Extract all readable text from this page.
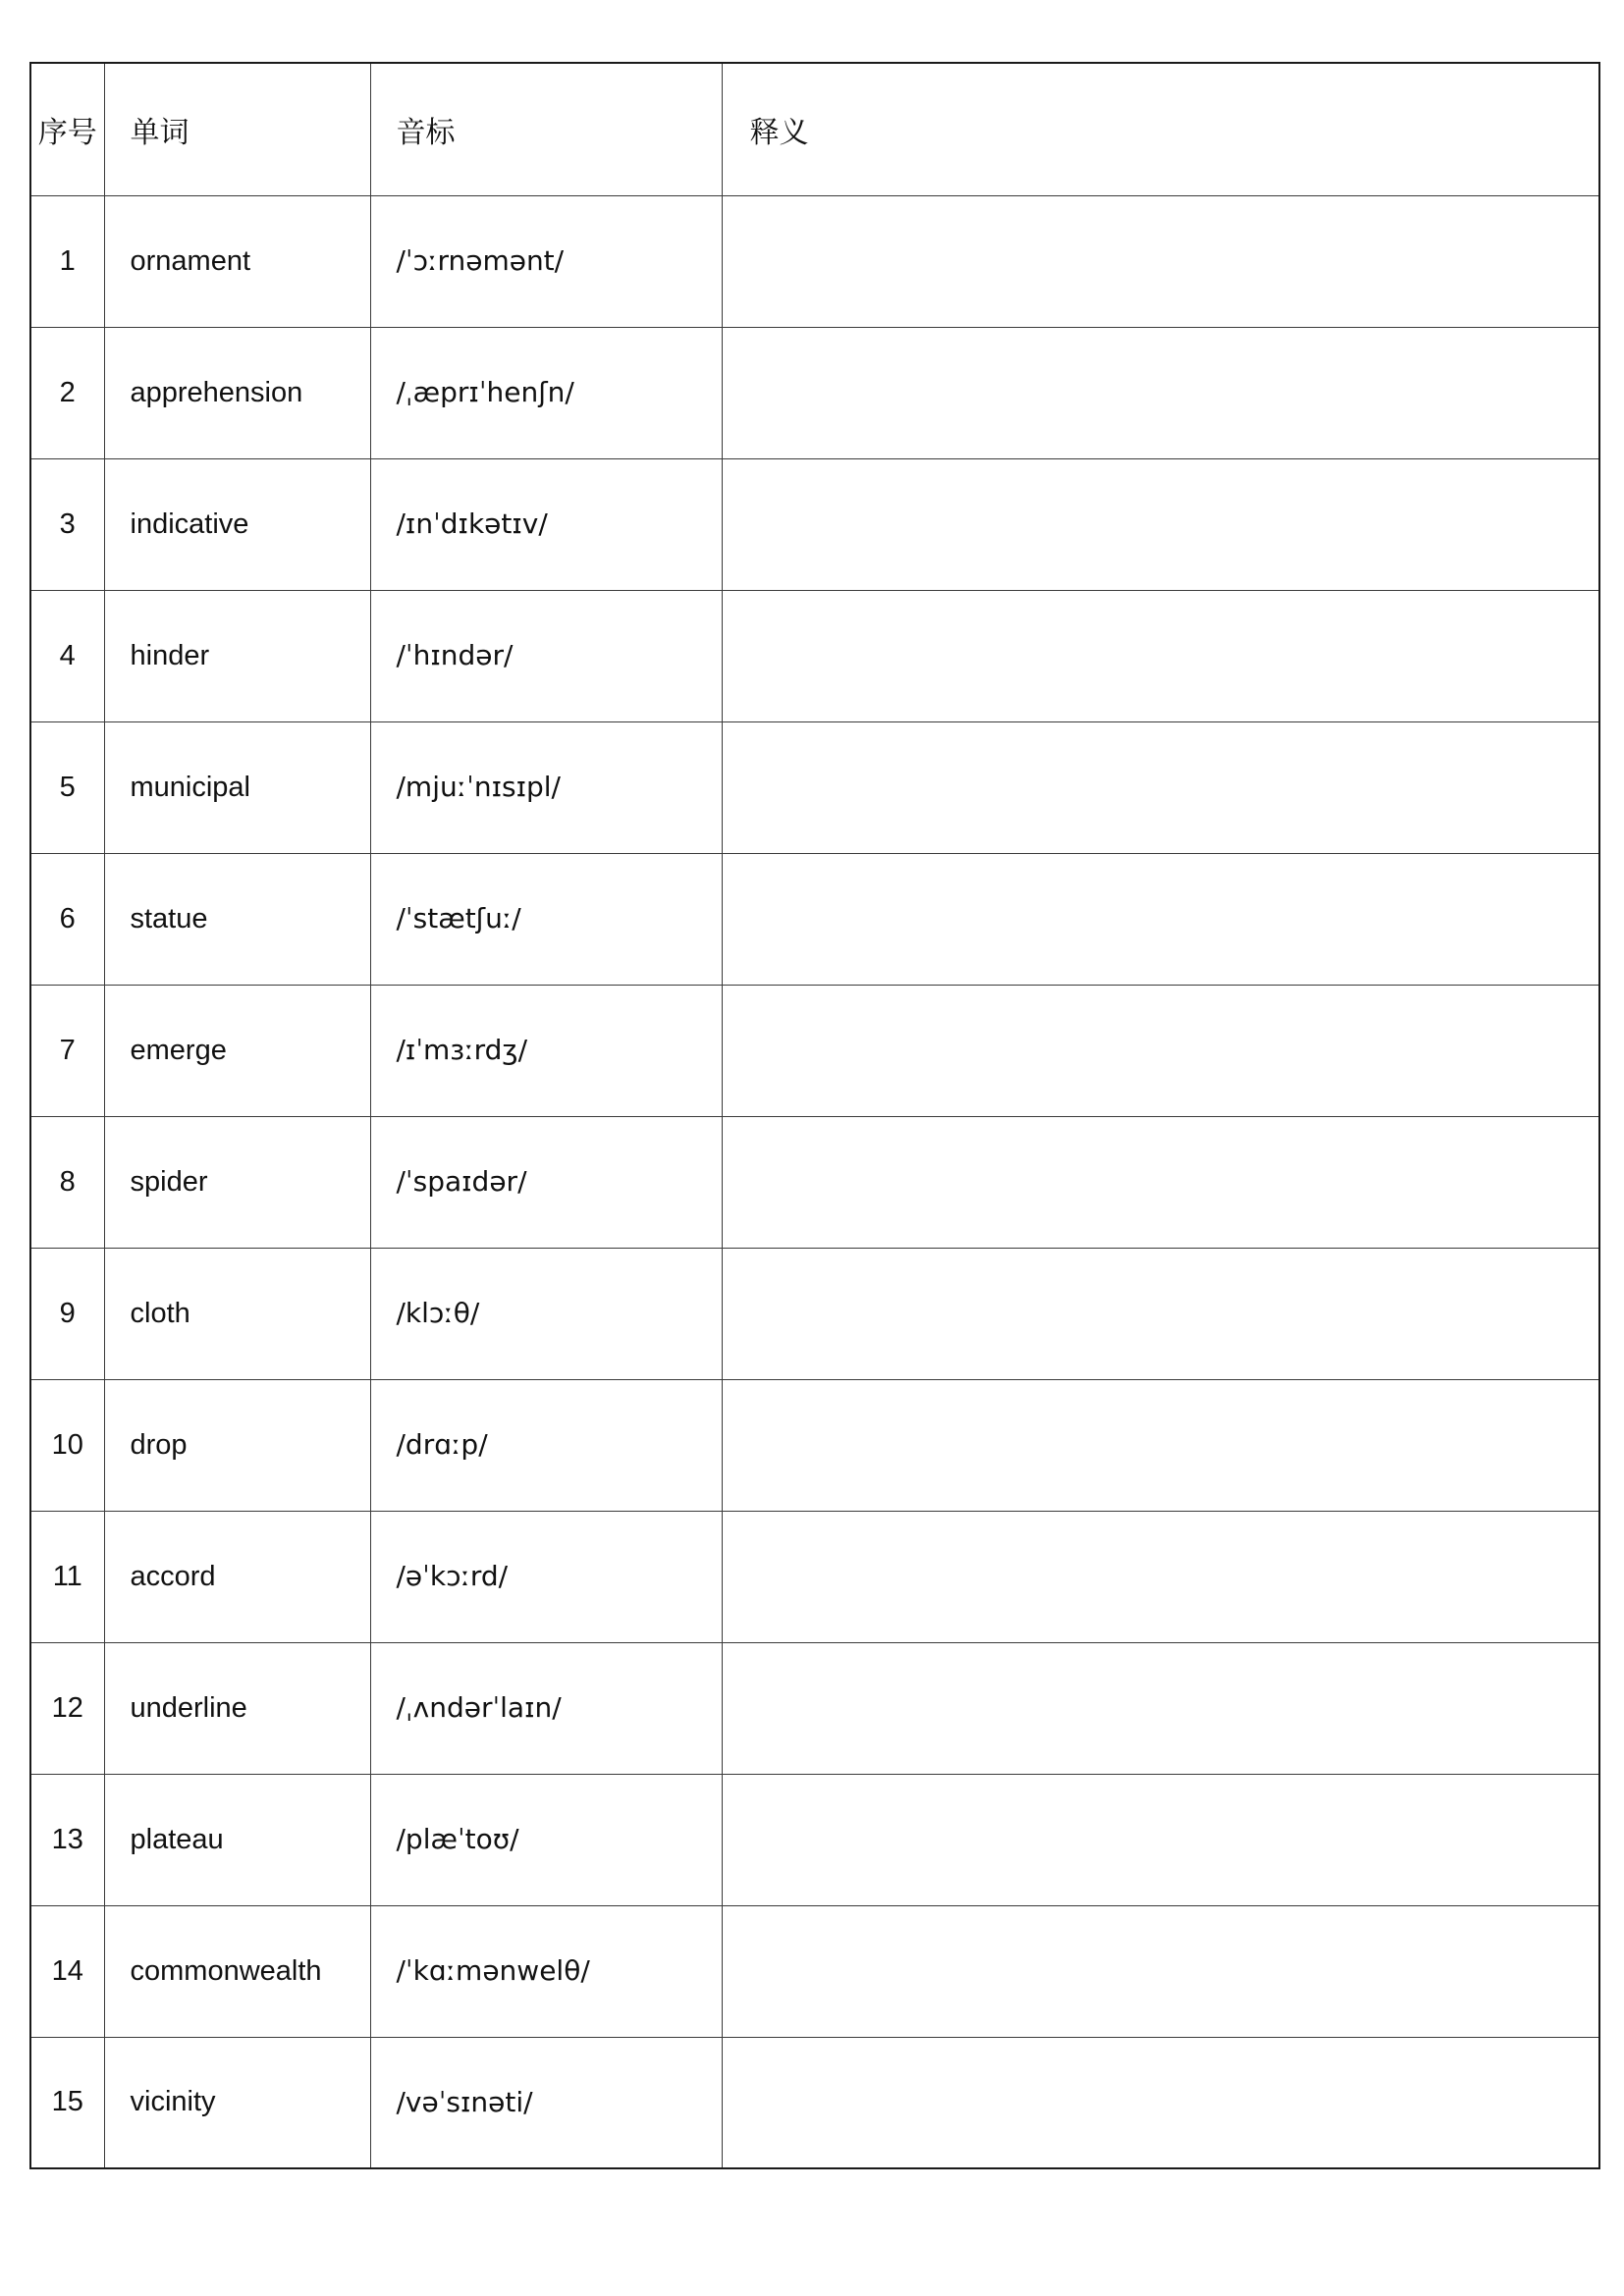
序号	单词	音标	释义
1	ornament	/ˈɔːrnəmənt/	
2	apprehension	/ˌæprɪˈhenʃn/	
3	indicative	/ɪnˈdɪkətɪv/	
4	hinder	/ˈhɪndər/	
5	municipal	/mjuːˈnɪsɪpl/	
6	statue	/ˈstætʃuː/	
7	emerge	/ɪˈmɜːrdʒ/	
8	spider	/ˈspaɪdər/	
9	cloth	/klɔːθ/	
10	drop	/drɑːp/	
11	accord	/əˈkɔːrd/	
12	underline	/ˌʌndərˈlaɪn/	
13	plateau	/plæˈtoʊ/	
14	commonwealth	/ˈkɑːmənwelθ/	
15	vicinity	/vəˈsɪnəti/	
